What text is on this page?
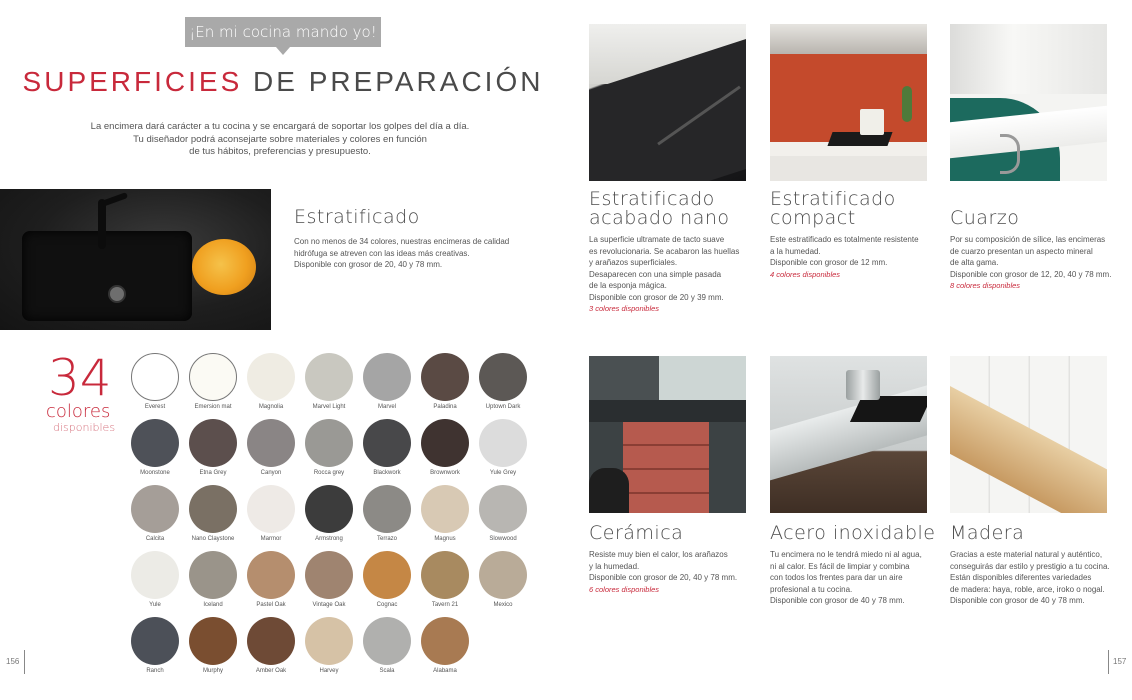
¡En mi cocina mando yo!
SUPERFICIES DE PREPARACIÓN
La encimera dará carácter a tu cocina y se encargará de soportar los golpes del día a día.
Tu diseñador podrá aconsejarte sobre materiales y colores en función
de tus hábitos, preferencias y presupuesto.
Estratificado

Con no menos de 34 colores, nuestras encimeras de calidad

hidrófuga se atreven con las ideas más creativas.

Disponible con grosor de 20, 40 y 78 mm.

34
colores
disponibles
Everest	Emersion mat	Magnolia	Marvel Light	Marvel	Paladina	Uptown Dark
Moonstone	Etna Grey	Canyon	Rocca grey	Blackwork	Brownwork	Yule Grey
Calcita	Nano Claystone	Marmor	Armstrong	Terrazo	Magnus	Slowwood
Yule	Iceland	Pastel Oak	Vintage Oak	Cognac	Tavern 21	Mexico
Ranch	Murphy	Amber Oak	Harvey	Scala	Alabama
Estratificado
acabado nano

La superficie ultramate de tacto suave

es revolucionaria. Se acabaron las huellas

y arañazos superficiales.

Desaparecen con una simple pasada

de la esponja mágica.

Disponible con grosor de 20 y 39 mm.

3 colores disponibles

Estratificado
compact

Este estratificado es totalmente resistente

a la humedad.

Disponible con grosor de 12 mm.

4 colores disponibles

Cuarzo

Por su composición de sílice, las encimeras

de cuarzo presentan un aspecto mineral

de alta gama.

Disponible con grosor de 12, 20, 40 y 78 mm.

8 colores disponibles

Cerámica

Resiste muy bien el calor, los arañazos

y la humedad.

Disponible con grosor de 20, 40 y 78 mm.

6 colores disponibles

Acero inoxidable

Tu encimera no le tendrá miedo ni al agua,

ni al calor. Es fácil de limpiar y combina

con todos los frentes para dar un aire

profesional a tu cocina.

Disponible con grosor de 40 y 78 mm.

Madera

Gracias a este material natural y auténtico,

conseguirás dar estilo y prestigio a tu cocina.

Están disponibles diferentes variedades

de madera: haya, roble, arce, iroko o nogal.

Disponible con grosor de 40 y 78 mm.

156	157
